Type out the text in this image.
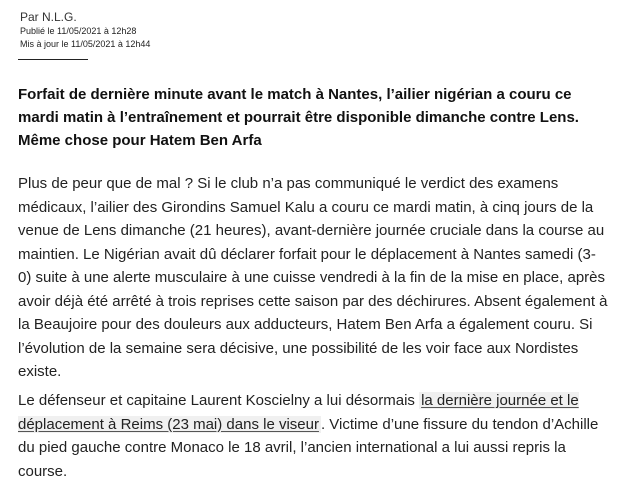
Par N.L.G.
Publié le 11/05/2021 à 12h28
Mis à jour le 11/05/2021 à 12h44
Forfait de dernière minute avant le match à Nantes, l’ailier nigérian a couru ce mardi matin à l’entraînement et pourrait être disponible dimanche contre Lens. Même chose pour Hatem Ben Arfa
Plus de peur que de mal ? Si le club n’a pas communiqué le verdict des examens médicaux, l’ailier des Girondins Samuel Kalu a couru ce mardi matin, à cinq jours de la venue de Lens dimanche (21 heures), avant-dernière journée cruciale dans la course au maintien. Le Nigérian avait dû déclarer forfait pour le déplacement à Nantes samedi (3-0) suite à une alerte musculaire à une cuisse vendredi à la fin de la mise en place, après avoir déjà été arrêté à trois reprises cette saison par des déchirures. Absent également à la Beaujoire pour des douleurs aux adducteurs, Hatem Ben Arfa a également couru. Si l’évolution de la semaine sera décisive, une possibilité de les voir face aux Nordistes existe.
Le défenseur et capitaine Laurent Koscielny a lui désormais la dernière journée et le déplacement à Reims (23 mai) dans le viseur . Victime d’une fissure du tendon d’Achille du pied gauche contre Monaco le 18 avril, l’ancien international a lui aussi repris la course.
